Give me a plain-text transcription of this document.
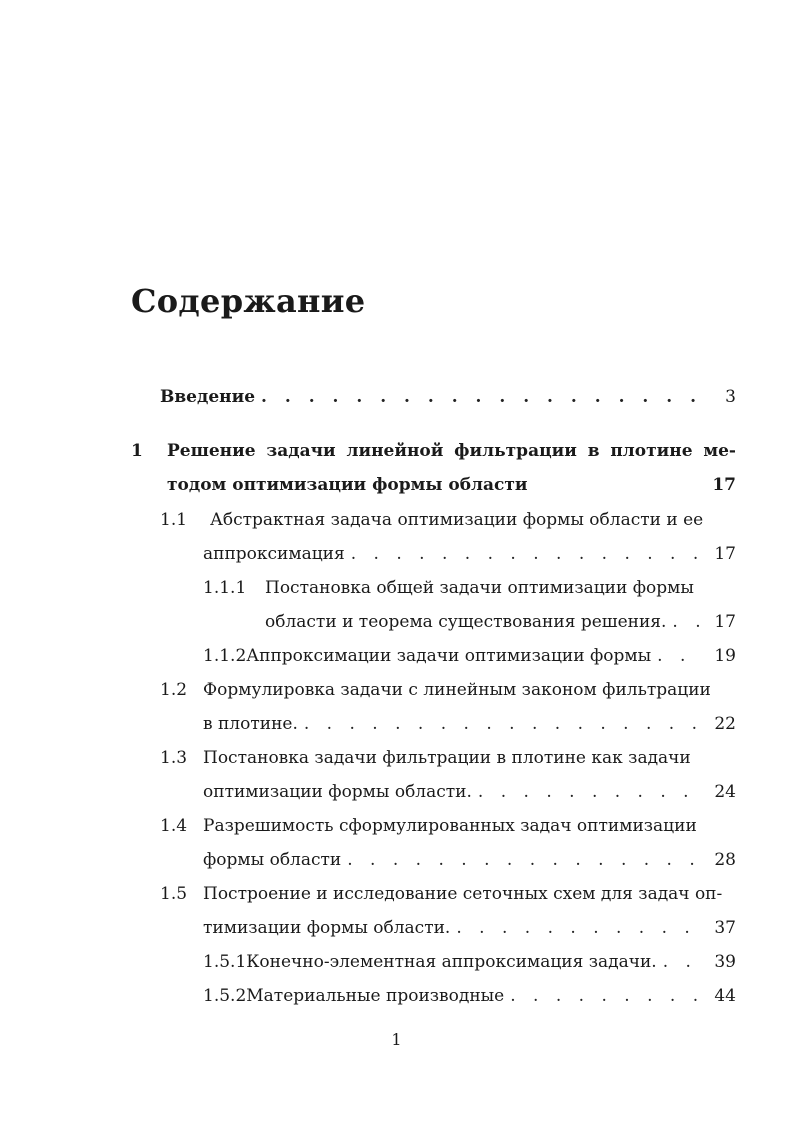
Содержание
Введение . . .	3
1	Решение задачи линейной фильтрации в плотине ме-
тодом оптимизации формы области	17
1.1	Абстрактная задача оптимизации формы области и ее
аппроксимация . . .	17
1.1.1	Постановка общей задачи оптимизации формы
области и теорема существования решения. . . .	17
1.1.2 Аппроксимации задачи оптимизации формы . . .	19
1.2 Формулировка задачи с линейным законом фильтрации
в плотине. . . .	22
1.3 Постановка задачи фильтрации в плотине как задачи
оптимизации формы области. . . .	24
1.4 Разрешимость сформулированных задач оптимизации
формы области . . .	28
1.5 Построение и исследование сеточных схем для задач оп-
тимизации формы области. . . .	37
1.5.1 Конечно-элементная аппроксимация задачи. . . .	39
1.5.2 Материальные производные . . .	44
1
